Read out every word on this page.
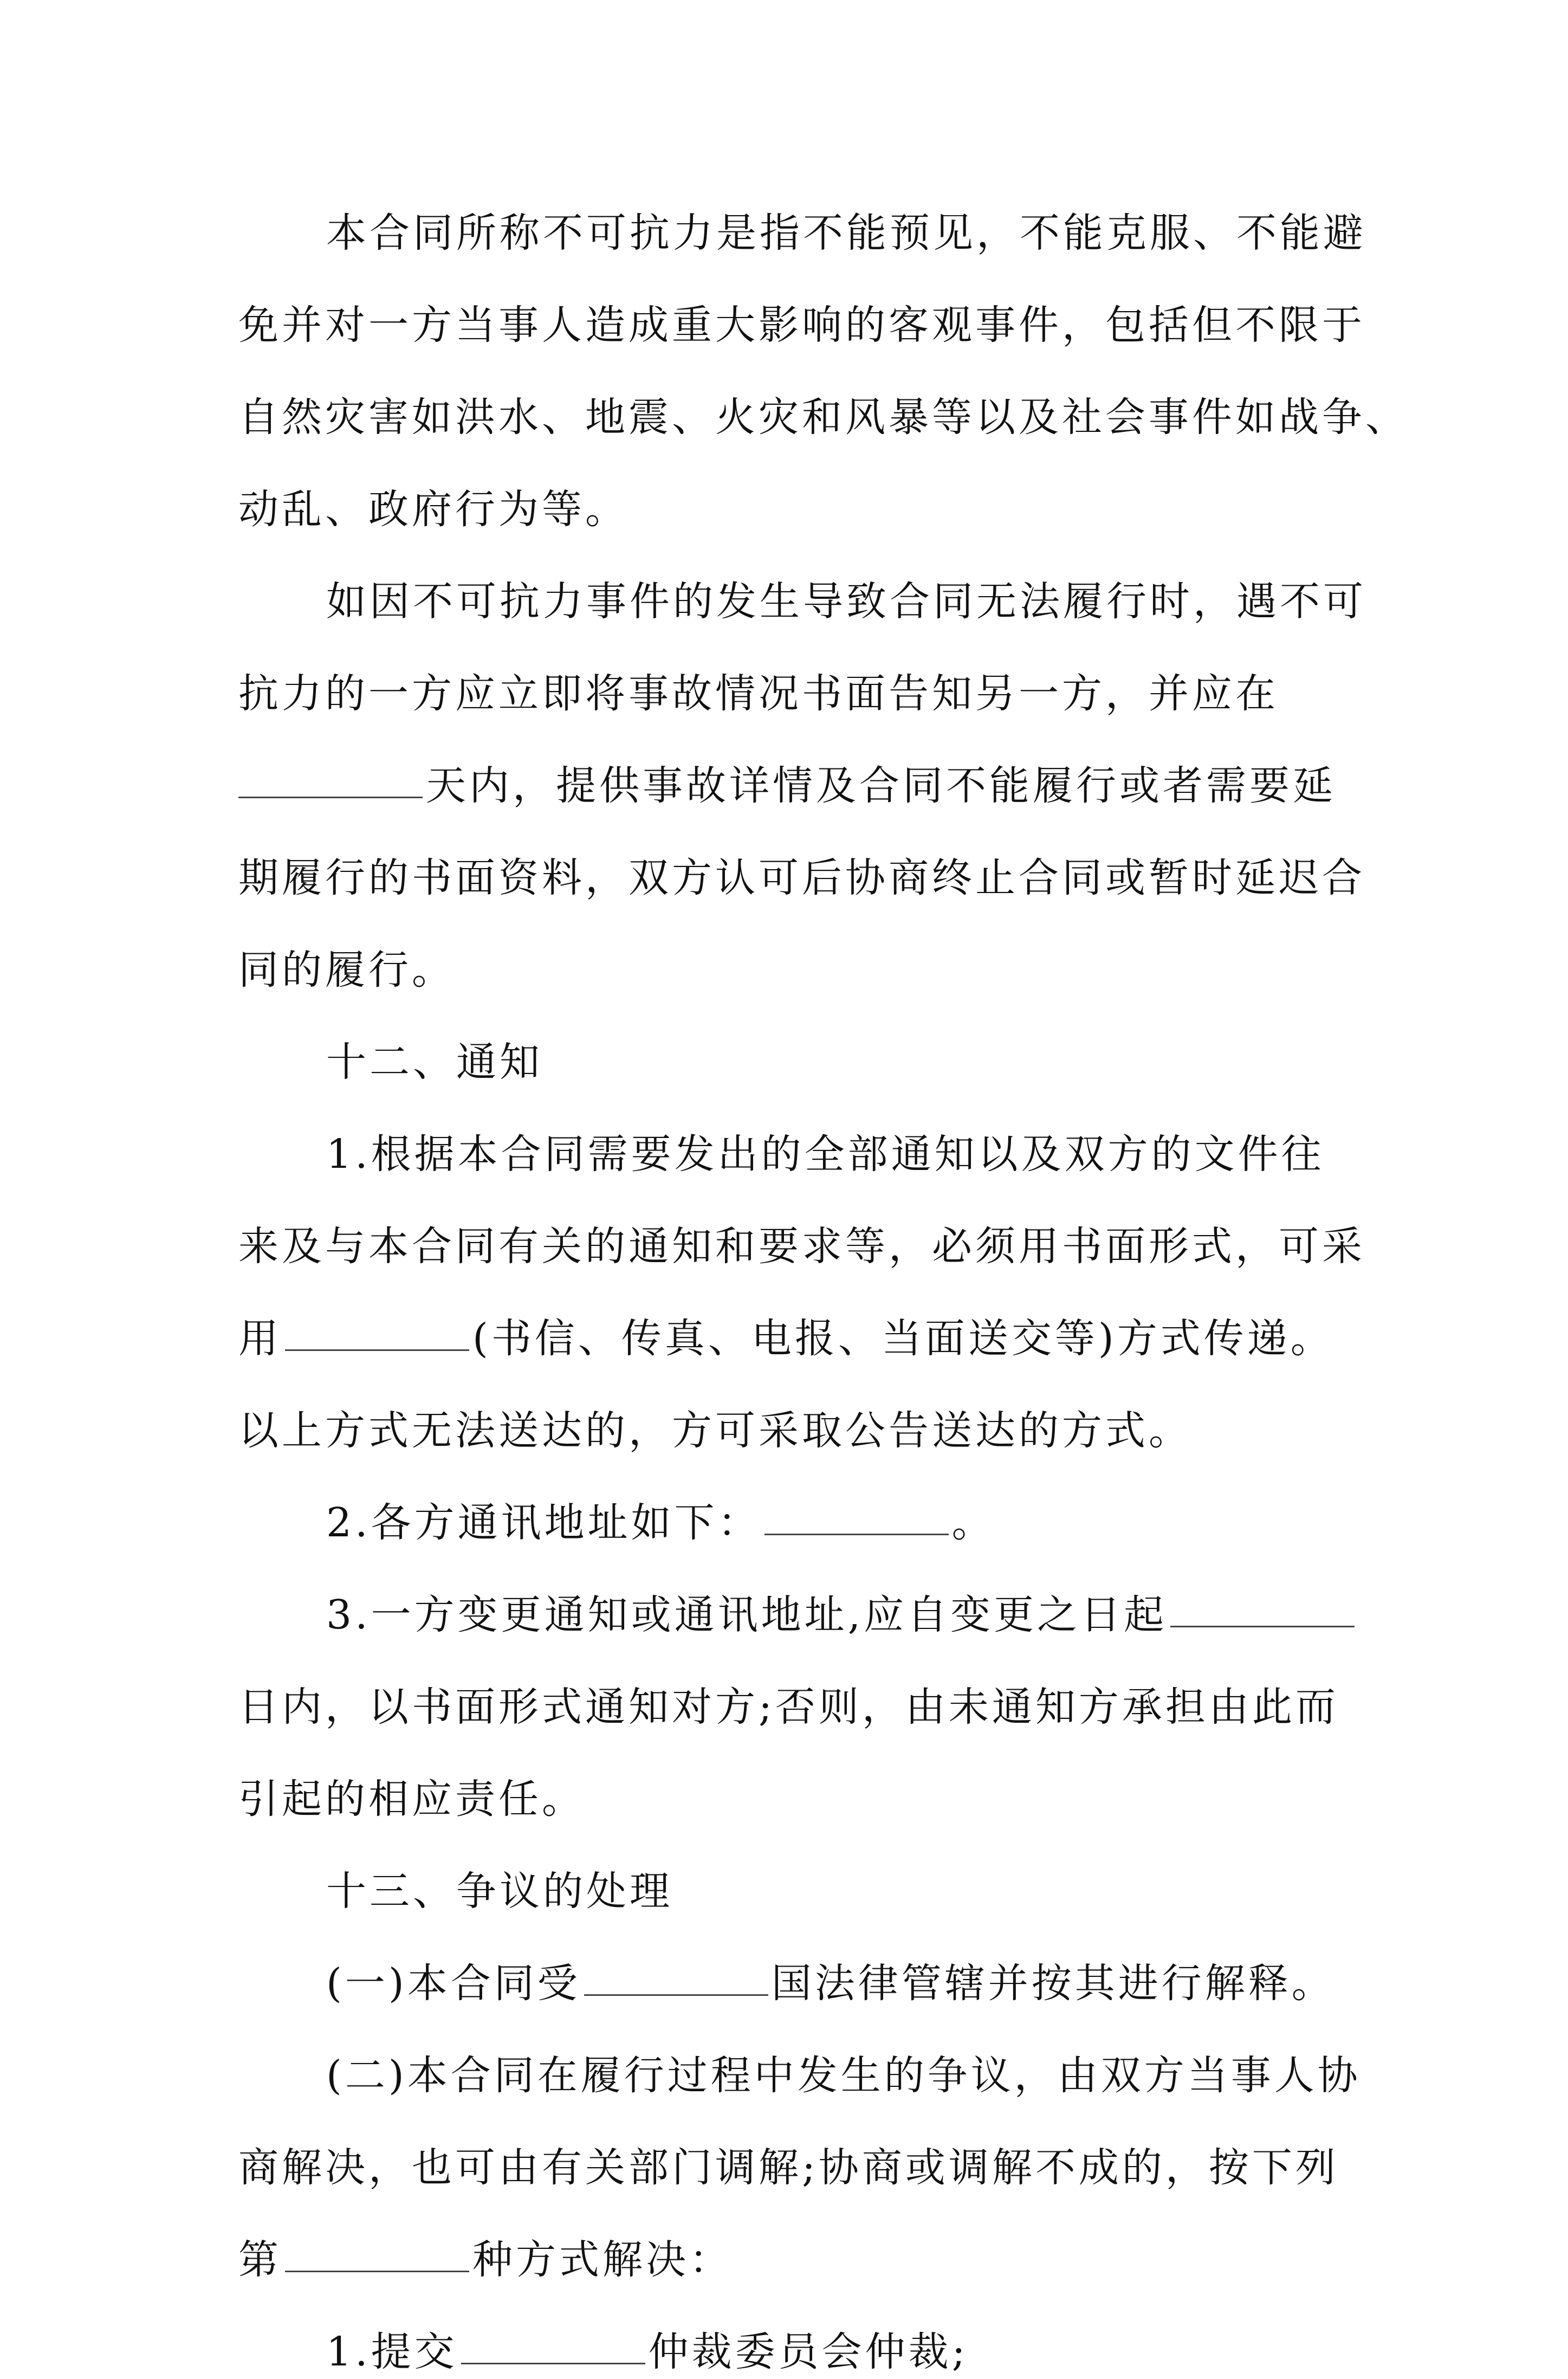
本合同所称不可抗力是指不能预见，不能克服、不能避
免并对一方当事人造成重大影响的客观事件，包括但不限于
自然灾害如洪水、地震、火灾和风暴等以及社会事件如战争、
动乱、政府行为等。
如因不可抗力事件的发生导致合同无法履行时，遇不可
抗力的一方应立即将事故情况书面告知另一方，并应在
天内，提供事故详情及合同不能履行或者需要延
期履行的书面资料，双方认可后协商终止合同或暂时延迟合
同的履行。
十二、通知
1.根据本合同需要发出的全部通知以及双方的文件往
来及与本合同有关的通知和要求等，必须用书面形式，可采
用	(书信、传真、电报、当面送交等)方式传递。
以上方式无法送达的，方可采取公告送达的方式。
2.各方通讯地址如下：	。
3.一方变更通知或通讯地址,应自变更之日起
日内，以书面形式通知对方;否则，由未通知方承担由此而
引起的相应责任。
十三、争议的处理
(一)本合同受	国法律管辖并按其进行解释。
(二)本合同在履行过程中发生的争议，由双方当事人协
商解决，也可由有关部门调解;协商或调解不成的，按下列
第	种方式解决：
1.提交	仲裁委员会仲裁;
